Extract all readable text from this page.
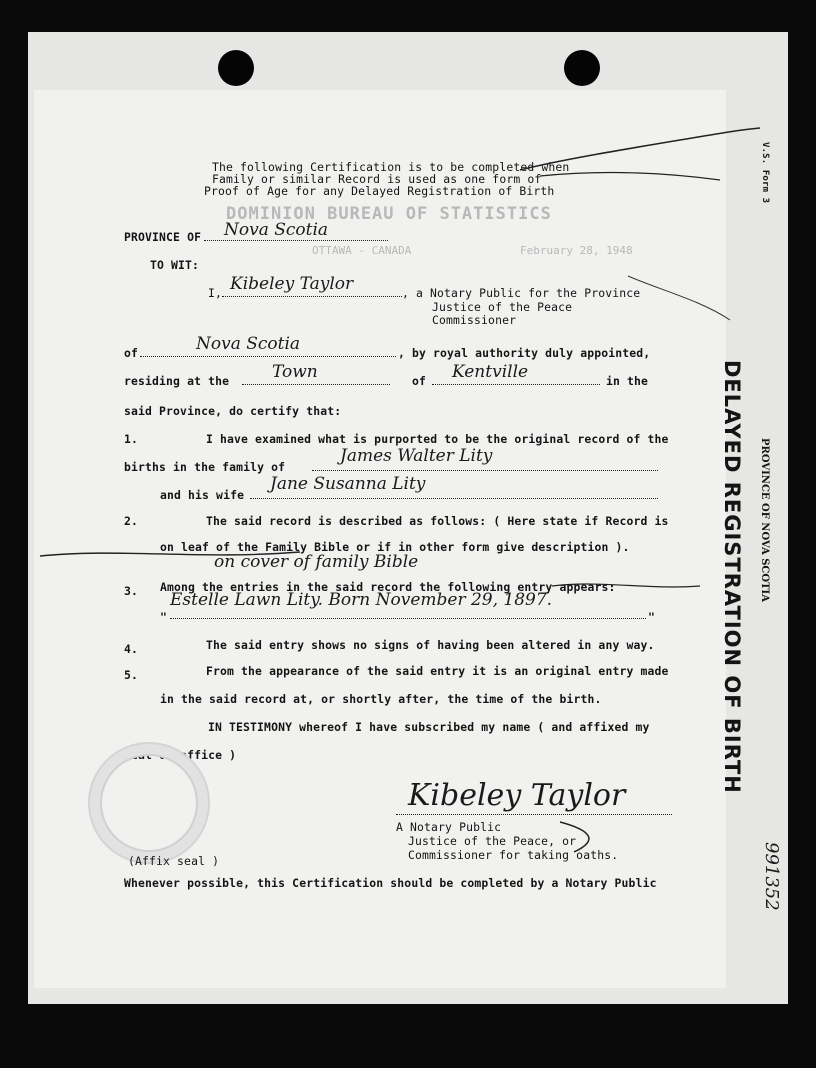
DOMINION BUREAU OF STATISTICS
OTTAWA - CANADA	February 28, 1948
V.S. Form 3
PROVINCE OF NOVA SCOTIA
DELAYED REGISTRATION OF BIRTH
991352
The following Certification is to be completed when
Family or similar Record is used as one form of
Proof of Age for any Delayed Registration of Birth
PROVINCE OF Nova Scotia
TO WIT:
I, Kibeley Taylor	, a Notary Public for the Province
Justice of the Peace
Commissioner
of	Nova Scotia	, by royal authority duly appointed,
residing at the	Town	of Kentville	in the
said Province, do certify that:
1.	I have examined what is purported to be the original record of the
births in the family of
James Walter Lity
and his wife
Jane Susanna Lity
2.	The said record is described as follows: ( Here state if Record is
on leaf of the Family Bible or if in other form give description ).
on cover of family Bible
3. Among the entries in the said record the following entry appears:
"	"
Estelle Lawn Lity. Born November 29, 1897.
4.	The said entry shows no signs of having been altered in any way.
5.	From the appearance of the said entry it is an original entry made
in the said record at, or shortly after, the time of the birth.
IN TESTIMONY whereof I have subscribed my name ( and affixed my
seal of office )
Kibeley Taylor
A Notary Public
Justice of the Peace, or
Commissioner for taking oaths.
(Affix seal )
Whenever possible, this Certification should be completed by a Notary Public
